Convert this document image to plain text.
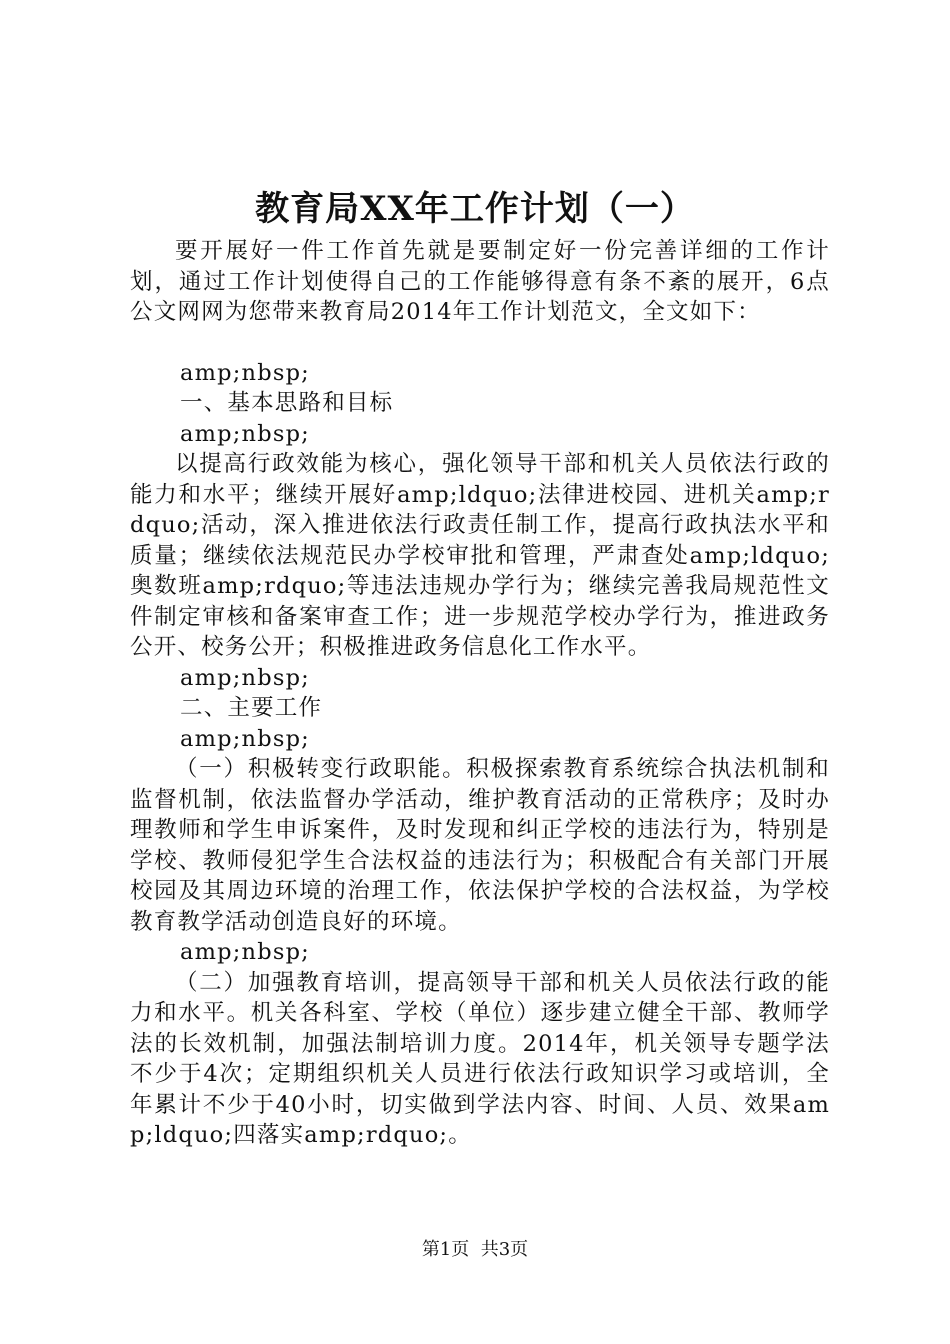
教育局XX年工作计划（一）

要开展好一件工作首先就是要制定好一份完善详细的工作计划，通过工作计划使得自己的工作能够得意有条不紊的展开，6点公文网网为您带来教育局2014年工作计划范文，全文如下：

amp;nbsp;

一、基本思路和目标

amp;nbsp;

以提高行政效能为核心，强化领导干部和机关人员依法行政的能力和水平；继续开展好amp;ldquo;法律进校园、进机关amp;rdquo;活动，深入推进依法行政责任制工作，提高行政执法水平和质量；继续依法规范民办学校审批和管理，严肃查处amp;ldquo;奥数班amp;rdquo;等违法违规办学行为；继续完善我局规范性文件制定审核和备案审查工作；进一步规范学校办学行为，推进政务公开、校务公开；积极推进政务信息化工作水平。

amp;nbsp;

二、主要工作

amp;nbsp;

（一）积极转变行政职能。积极探索教育系统综合执法机制和监督机制，依法监督办学活动，维护教育活动的正常秩序；及时办理教师和学生申诉案件，及时发现和纠正学校的违法行为，特别是学校、教师侵犯学生合法权益的违法行为；积极配合有关部门开展校园及其周边环境的治理工作，依法保护学校的合法权益，为学校教育教学活动创造良好的环境。

amp;nbsp;

（二）加强教育培训，提高领导干部和机关人员依法行政的能力和水平。机关各科室、学校（单位）逐步建立健全干部、教师学法的长效机制，加强法制培训力度。2014年，机关领导专题学法不少于4次；定期组织机关人员进行依法行政知识学习或培训，全年累计不少于40小时，切实做到学法内容、时间、人员、效果amp;ldquo;四落实amp;rdquo;。

第1页  共3页
